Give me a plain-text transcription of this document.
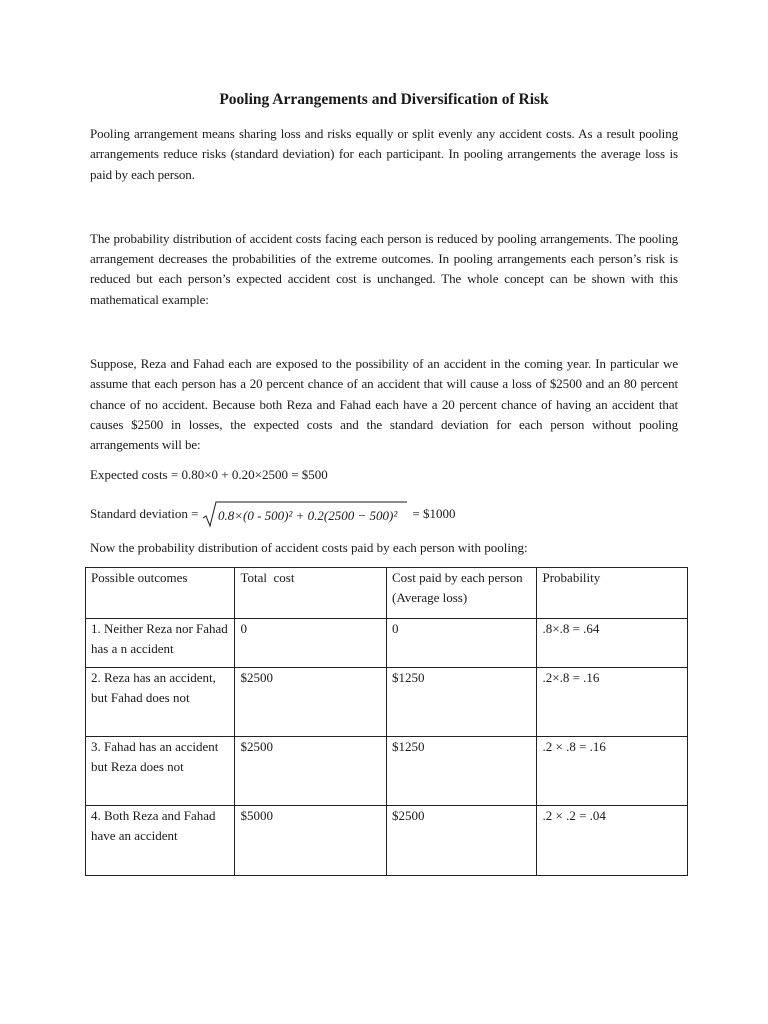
Pooling Arrangements and Diversification of Risk

Pooling arrangement means sharing loss and risks equally or split evenly any accident costs. As a result pooling arrangements reduce risks (standard deviation) for each participant. In pooling arrangements the average loss is paid by each person.

The probability distribution of accident costs facing each person is reduced by pooling arrangements. The pooling arrangement decreases the probabilities of the extreme outcomes. In pooling arrangements each person’s risk is reduced but each person’s expected accident cost is unchanged. The whole concept can be shown with this mathematical example:

Suppose, Reza and Fahad each are exposed to the possibility of an accident in the coming year. In particular we assume that each person has a 20 percent chance of an accident that will cause a loss of $2500 and an 80 percent chance of no accident. Because both Reza and Fahad each have a 20 percent chance of having an accident that causes $2500 in losses, the expected costs and the standard deviation for each person without pooling arrangements will be:

Expected costs = 0.80×0 + 0.20×2500 = $500

Standard deviation = 0.8×(0 - 500)² + 0.2(2500 − 500)² = $1000

Now the probability distribution of accident costs paid by each person with pooling:

Possible outcomes	Total  cost	Cost paid by each person (Average loss)	Probability
1. Neither Reza nor Fahad has a n accident	0	0	.8×.8 = .64
2. Reza has an accident, but Fahad does not	$2500	$1250	.2×.8 = .16
3. Fahad has an accident but Reza does not	$2500	$1250	.2 × .8 = .16
4. Both Reza and Fahad have an accident	$5000	$2500	.2 × .2 = .04
